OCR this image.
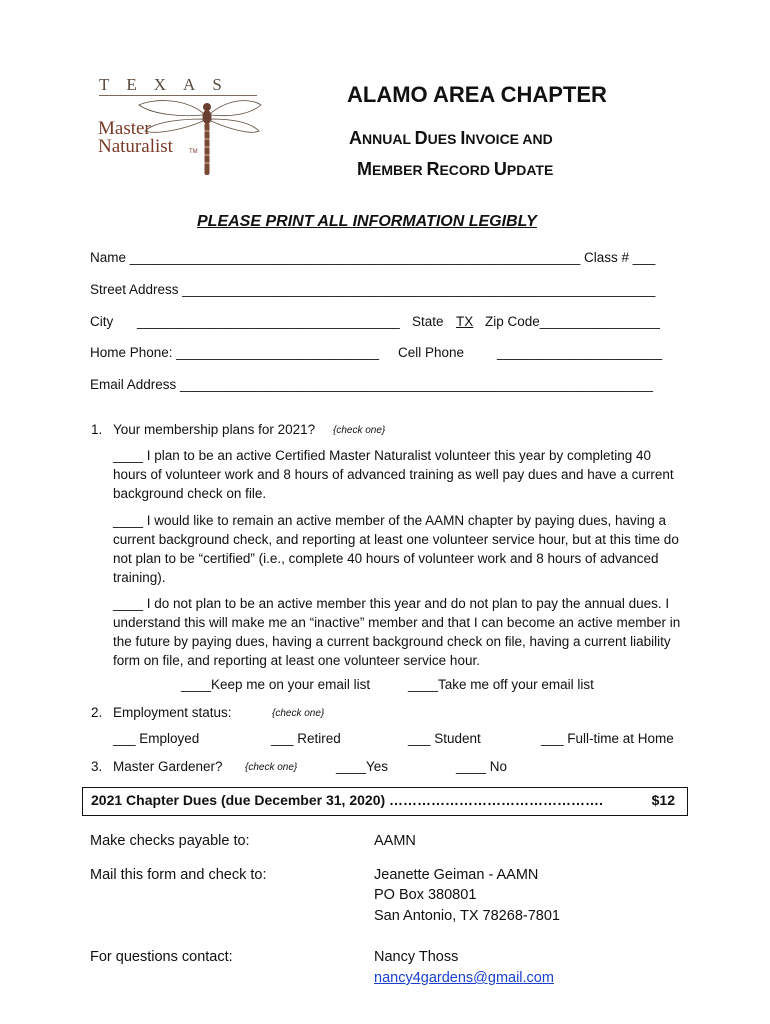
TEXAS
Master
Naturalist	TM
ALAMO AREA CHAPTER
ANNUAL DUES INVOICE AND
MEMBER RECORD UPDATE
PLEASE PRINT ALL INFORMATION LEGIBLY
Name ____________________________________________________________ Class # ___
Street Address _______________________________________________________________
City ___________________________________ State TX Zip Code________________
Home Phone: ___________________________ Cell Phone ______________________
Email Address _______________________________________________________________
1. Your membership plans for 2021? {check one}
____ I plan to be an active Certified Master Naturalist volunteer this year by completing 40 hours of volunteer work and 8 hours of advanced training as well pay dues and have a current background check on file.
____ I would like to remain an active member of the AAMN chapter by paying dues, having a current background check, and reporting at least one volunteer service hour, but at this time do not plan to be “certified” (i.e., complete 40 hours of volunteer work and 8 hours of advanced training).
____ I do not plan to be an active member this year and do not plan to pay the annual dues. I understand this will make me an “inactive” member and that I can become an active member in the future by paying dues, having a current background check on file, having a current liability form on file, and reporting at least one volunteer service hour.
____Keep me on your email list	____Take me off your email list
2. Employment status:	{check one}
___ Employed	___ Retired	___ Student	___ Full-time at Home
3. Master Gardener? {check one}	____Yes	____ No
2021 Chapter Dues (due December 31, 2020) ……………………………………….	$12
Make checks payable to:	AAMN
Mail this form and check to:	Jeanette Geiman - AAMN
PO Box 380801
San Antonio, TX 78268-7801
For questions contact:	Nancy Thoss
nancy4gardens@gmail.com
